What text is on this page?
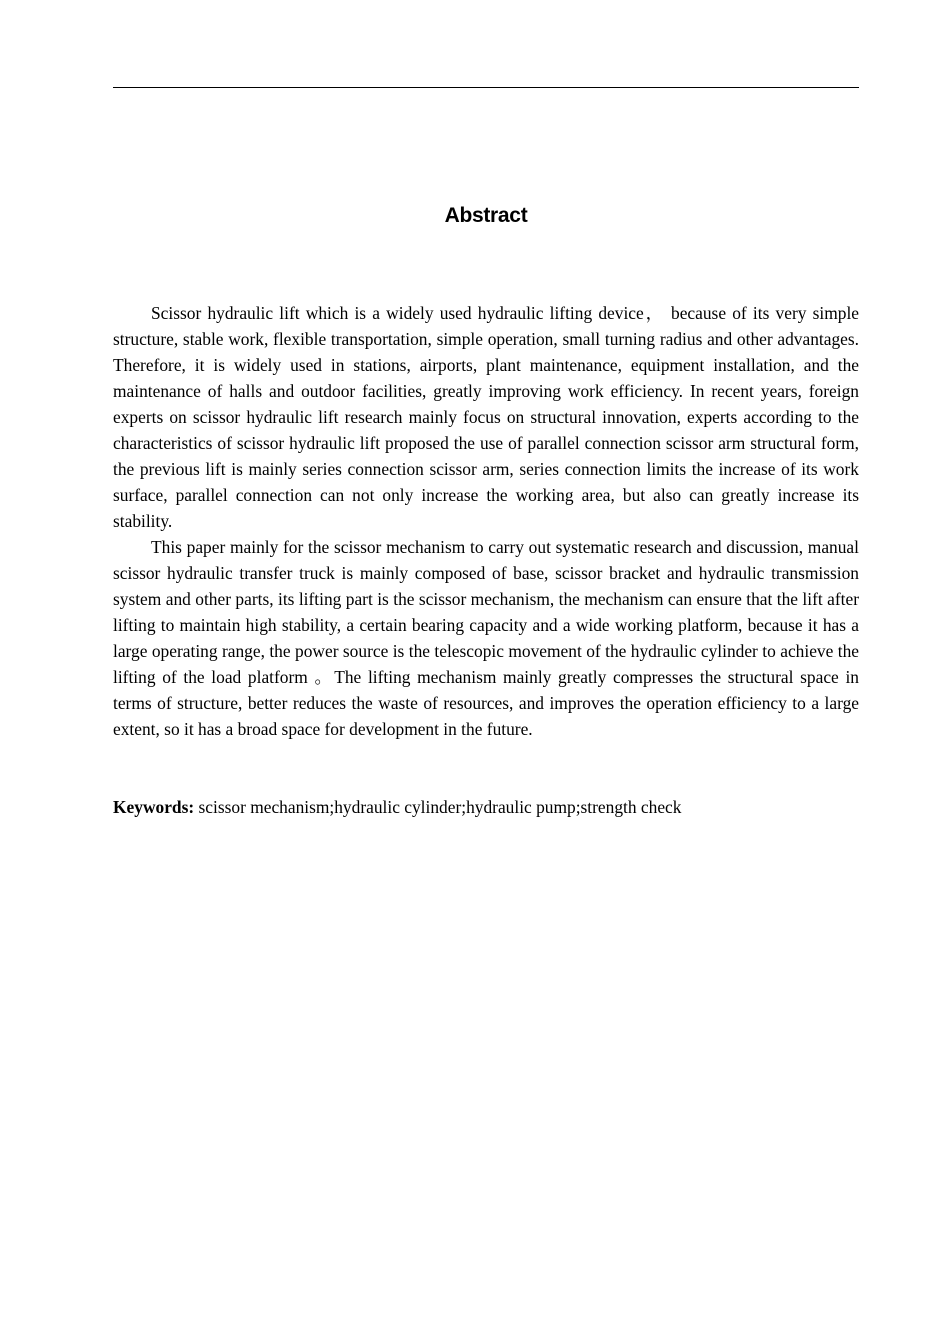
Abstract

Scissor hydraulic lift which is a widely used hydraulic lifting device， because of its very simple structure, stable work, flexible transportation, simple operation, small turning radius and other advantages. Therefore, it is widely used in stations, airports, plant maintenance, equipment installation, and the maintenance of halls and outdoor facilities, greatly improving work efficiency. In recent years, foreign experts on scissor hydraulic lift research mainly focus on structural innovation, experts according to the characteristics of scissor hydraulic lift proposed the use of parallel connection scissor arm structural form, the previous lift is mainly series connection scissor arm, series connection limits the increase of its work surface, parallel connection can not only increase the working area, but also can greatly increase its stability.

This paper mainly for the scissor mechanism to carry out systematic research and discussion, manual scissor hydraulic transfer truck is mainly composed of base, scissor bracket and hydraulic transmission system and other parts, its lifting part is the scissor mechanism, the mechanism can ensure that the lift after lifting to maintain high stability, a certain bearing capacity and a wide working platform, because it has a large operating range, the power source is the telescopic movement of the hydraulic cylinder to achieve the lifting of the load platform 。The lifting mechanism mainly greatly compresses the structural space in terms of structure, better reduces the waste of resources, and improves the operation efficiency to a large extent, so it has a broad space for development in the future.

Keywords: scissor mechanism;hydraulic cylinder;hydraulic pump;strength check
